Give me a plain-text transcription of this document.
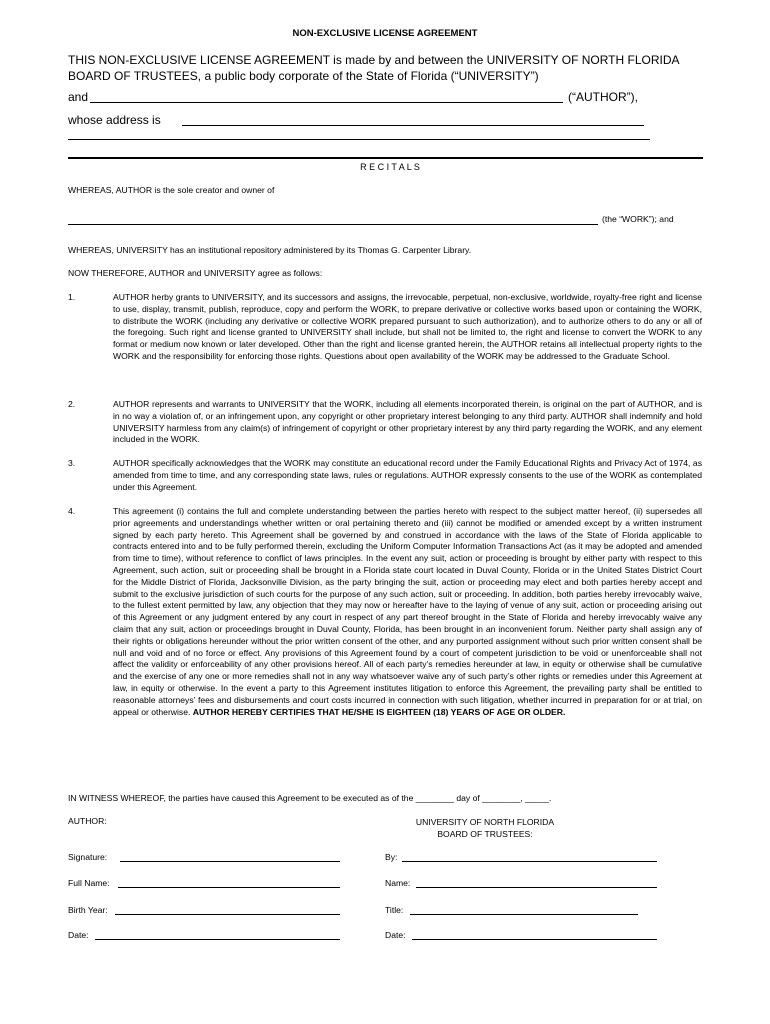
NON-EXCLUSIVE LICENSE AGREEMENT
THIS NON-EXCLUSIVE LICENSE AGREEMENT is made by and between the UNIVERSITY OF NORTH FLORIDA BOARD OF TRUSTEES, a public body corporate of the State of Florida (“UNIVERSITY”)
and	(“AUTHOR”),
whose address is
R E C I T A L S
WHEREAS, AUTHOR is the sole creator and owner of
(the “WORK”); and
WHEREAS, UNIVERSITY has an institutional repository administered by its Thomas G. Carpenter Library.
NOW THEREFORE, AUTHOR and UNIVERSITY agree as follows:
1.	AUTHOR herby grants to UNIVERSITY, and its successors and assigns, the irrevocable, perpetual, non-exclusive, worldwide, royalty-free right and license to use, display, transmit, publish, reproduce, copy and perform the WORK, to prepare derivative or collective works based upon or containing the WORK, to distribute the WORK (including any derivative or collective WORK prepared pursuant to such authorization), and to authorize others to do any or all of the foregoing. Such right and license granted to UNIVERSITY shall include, but shall not be limited to, the right and license to convert the WORK to any format or medium now known or later developed. Other than the right and license granted herein, the AUTHOR retains all intellectual property rights to the WORK and the responsibility for enforcing those rights. Questions about open availability of the WORK may be addressed to the Graduate School.
2.	AUTHOR represents and warrants to UNIVERSITY that the WORK, including all elements incorporated therein, is original on the part of AUTHOR, and is in no way a violation of, or an infringement upon, any copyright or other proprietary interest belonging to any third party. AUTHOR shall indemnify and hold UNIVERSITY harmless from any claim(s) of infringement of copyright or other proprietary interest by any third party regarding the WORK, and any element included in the WORK.
3.	AUTHOR specifically acknowledges that the WORK may constitute an educational record under the Family Educational Rights and Privacy Act of 1974, as amended from time to time, and any corresponding state laws, rules or regulations. AUTHOR expressly consents to the use of the WORK as contemplated under this Agreement.
4.	This agreement (i) contains the full and complete understanding between the parties hereto with respect to the subject matter hereof, (ii) supersedes all prior agreements and understandings whether written or oral pertaining thereto and (iii) cannot be modified or amended except by a written instrument signed by each party hereto. This Agreement shall be governed by and construed in accordance with the laws of the State of Florida applicable to contracts entered into and to be fully performed therein, excluding the Uniform Computer Information Transactions Act (as it may be adopted and amended from time to time), without reference to conflict of laws principles. In the event any suit, action or proceeding is brought by either party with respect to this Agreement, such action, suit or proceeding shall be brought in a Florida state court located in Duval County, Florida or in the United States District Court for the Middle District of Florida, Jacksonville Division, as the party bringing the suit, action or proceeding may elect and both parties hereby accept and submit to the exclusive jurisdiction of such courts for the purpose of any such action, suit or proceeding. In addition, both parties hereby irrevocably waive, to the fullest extent permitted by law, any objection that they may now or hereafter have to the laying of venue of any suit, action or proceeding arising out of this Agreement or any judgment entered by any court in respect of any part thereof brought in the State of Florida and hereby irrevocably waive any claim that any suit, action or proceedings brought in Duval County, Florida, has been brought in an inconvenient forum. Neither party shall assign any of their rights or obligations hereunder without the prior written consent of the other, and any purported assignment without such prior written consent shall be null and void and of no force or effect. Any provisions of this Agreement found by a court of competent jurisdiction to be void or unenforceable shall not affect the validity or enforceability of any other provisions hereof. All of each party’s remedies hereunder at law, in equity or otherwise shall be cumulative and the exercise of any one or more remedies shall not in any way whatsoever waive any of such party’s other rights or remedies under this Agreement at law, in equity or otherwise. In the event a party to this Agreement institutes litigation to enforce this Agreement, the prevailing party shall be entitled to reasonable attorneys’ fees and disbursements and court costs incurred in connection with such litigation, whether incurred in preparation for or at trial, on appeal or otherwise. AUTHOR HEREBY CERTIFIES THAT HE/SHE IS EIGHTEEN (18) YEARS OF AGE OR OLDER.
IN WITNESS WHEREOF, the parties have caused this Agreement to be executed as of the ________ day of ________, _____.
AUTHOR:	UNIVERSITY OF NORTH FLORIDA
BOARD OF TRUSTEES:
Signature:	By:
Full Name:	Name:
Birth Year:	Title:
Date:	Date:
